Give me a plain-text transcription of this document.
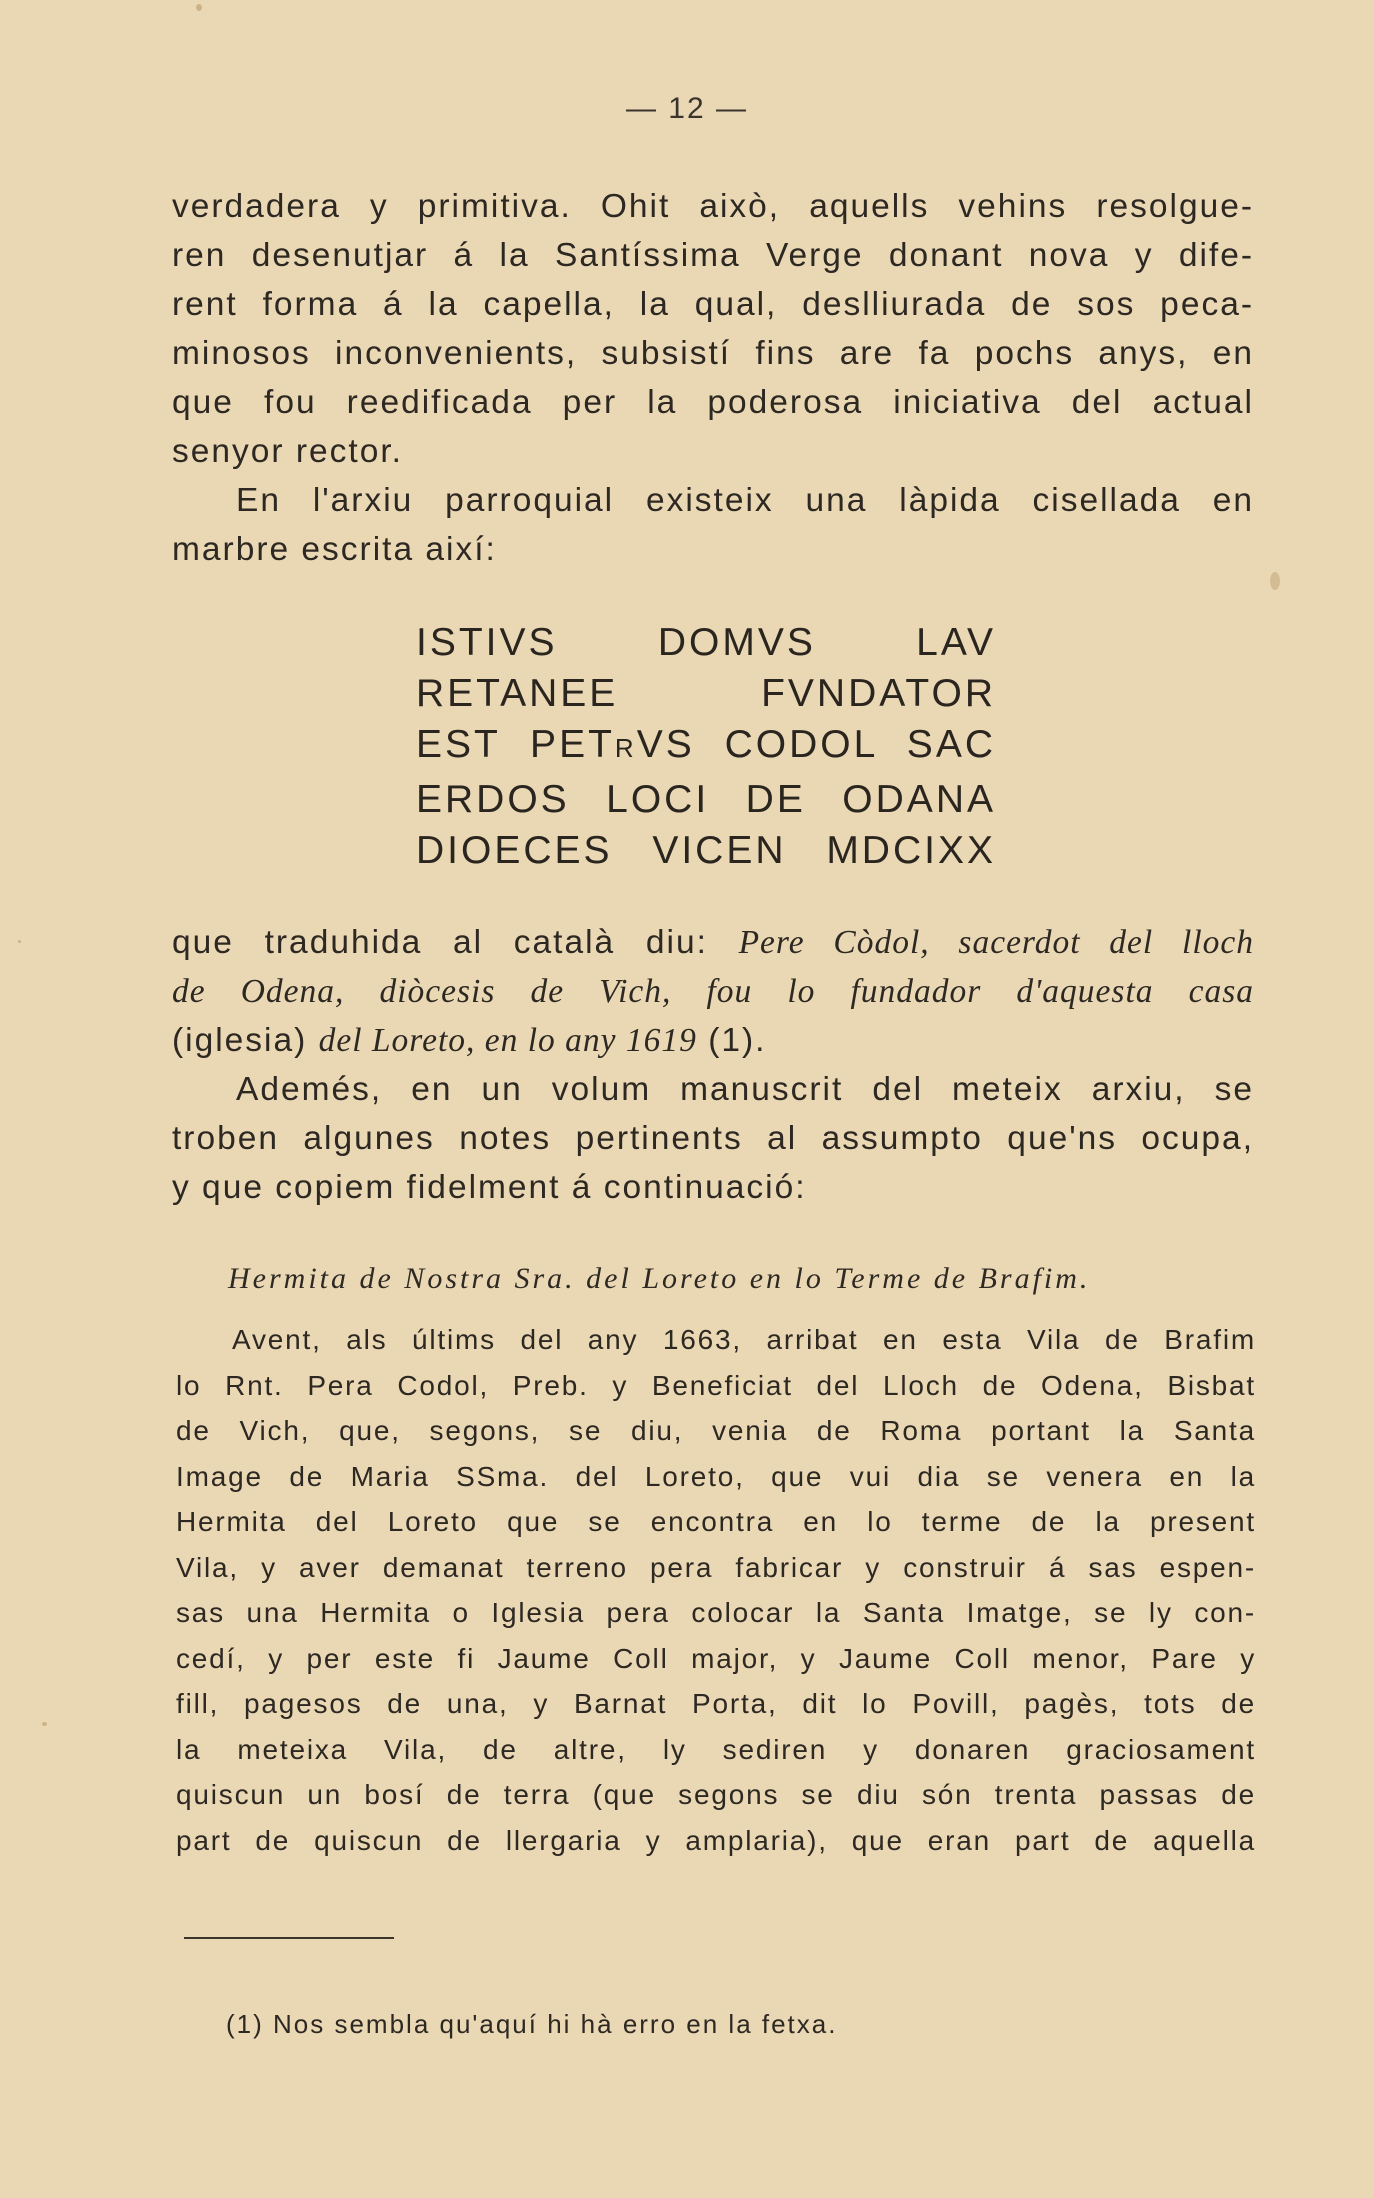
— 12 —
verdadera y primitiva. Ohit això, aquells vehins resolgue-
ren desenutjar á la Santíssima Verge donant nova y dife-
rent forma á la capella, la qual, deslliurada de sos peca-
minosos inconvenients, subsistí fins are fa pochs anys, en
que fou reedificada per la poderosa iniciativa del actual
senyor rector.
En l'arxiu parroquial existeix una làpida cisellada en
marbre escrita així:
ISTIVS DOMVS LAV
RETANEE FVNDATOR
EST PETRVS CODOL SAC
ERDOS LOCI DE ODANA
DIOECES VICEN MDCIXX
que traduhida al català diu: Pere Còdol, sacerdot del lloch
de Odena, diòcesis de Vich, fou lo fundador d'aquesta casa
(iglesia) del Loreto, en lo any 1619 (1).
Ademés, en un volum manuscrit del meteix arxiu, se
troben algunes notes pertinents al assumpto que'ns ocupa,
y que copiem fidelment á continuació:
Hermita de Nostra Sra. del Loreto en lo Terme de Brafim.
Avent, als últims del any 1663, arribat en esta Vila de Brafim
lo Rnt. Pera Codol, Preb. y Beneficiat del Lloch de Odena, Bisbat
de Vich, que, segons, se diu, venia de Roma portant la Santa
Image de Maria SSma. del Loreto, que vui dia se venera en la
Hermita del Loreto que se encontra en lo terme de la present
Vila, y aver demanat terreno pera fabricar y construir á sas espen-
sas una Hermita o Iglesia pera colocar la Santa Imatge, se ly con-
cedí, y per este fi Jaume Coll major, y Jaume Coll menor, Pare y
fill, pagesos de una, y Barnat Porta, dit lo Povill, pagès, tots de
la meteixa Vila, de altre, ly sediren y donaren graciosament
quiscun un bosí de terra (que segons se diu són trenta passas de
part de quiscun de llergaria y amplaria), que eran part de aquella
(1) Nos sembla qu'aquí hi hà erro en la fetxa.
